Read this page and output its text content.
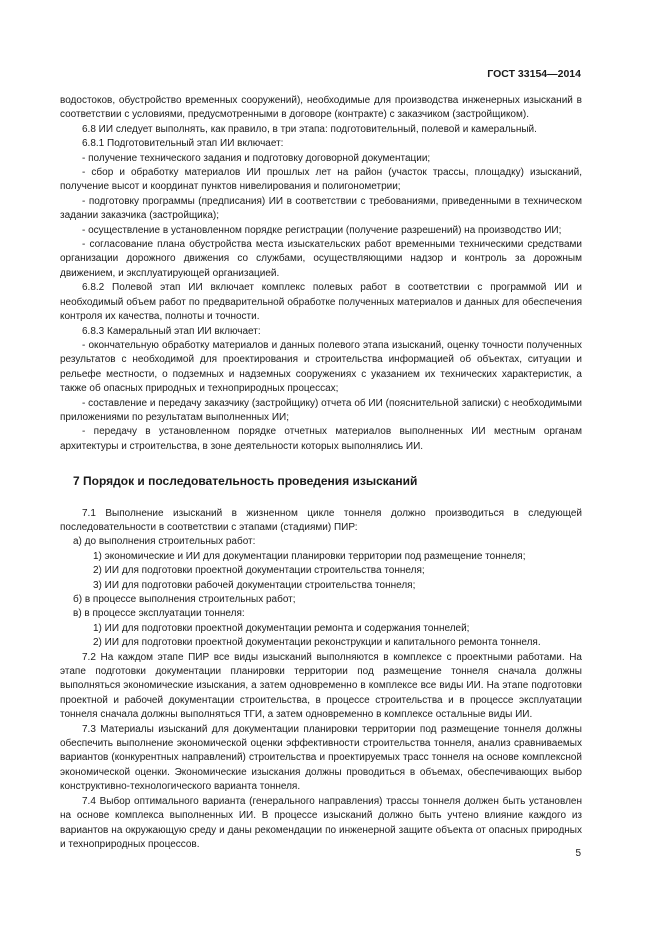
ГОСТ 33154—2014

водостоков, обустройство временных сооружений), необходимые для производства инженерных изысканий в соответствии с условиями, предусмотренными в договоре (контракте) с заказчиком (застройщиком).

6.8 ИИ следует выполнять, как правило, в три этапа: подготовительный, полевой и камеральный.

6.8.1 Подготовительный этап ИИ включает:

- получение технического задания и подготовку договорной документации;

- сбор и обработку материалов ИИ прошлых лет на район (участок трассы, площадку) изысканий, получение высот и координат пунктов нивелирования и полигонометрии;

- подготовку программы (предписания) ИИ в соответствии с требованиями, приведенными в техническом задании заказчика (застройщика);

- осуществление в установленном порядке регистрации (получение разрешений) на производство ИИ;

- согласование плана обустройства места изыскательских работ временными техническими средствами организации дорожного движения со службами, осуществляющими надзор и контроль за дорожным движением, и эксплуатирующей организацией.

6.8.2 Полевой этап ИИ включает комплекс полевых работ в соответствии с программой ИИ и необходимый объем работ по предварительной обработке полученных материалов и данных для обеспечения контроля их качества, полноты и точности.

6.8.3 Камеральный этап ИИ включает:

- окончательную обработку материалов и данных полевого этапа изысканий, оценку точности полученных результатов с необходимой для проектирования и строительства информацией об объектах, ситуации и рельефе местности, о подземных и надземных сооружениях с указанием их технических характеристик, а также об опасных природных и техноприродных процессах;

- составление и передачу заказчику (застройщику) отчета об ИИ (пояснительной записки) с необходимыми приложениями по результатам выполненных ИИ;

- передачу в установленном порядке отчетных материалов выполненных ИИ местным органам архитектуры и строительства, в зоне деятельности которых выполнялись ИИ.

7 Порядок и последовательность проведения изысканий

7.1 Выполнение изысканий в жизненном цикле тоннеля должно производиться в следующей последовательности в соответствии с этапами (стадиями) ПИР:

а) до выполнения строительных работ:

1) экономические и ИИ для документации планировки территории под размещение тоннеля;

2) ИИ для подготовки проектной документации строительства тоннеля;

3) ИИ для подготовки рабочей документации строительства тоннеля;

б) в процессе выполнения строительных работ;

в) в процессе эксплуатации тоннеля:

1) ИИ для подготовки проектной документации ремонта и содержания тоннелей;

2) ИИ для подготовки проектной документации реконструкции и капитального ремонта тоннеля.

7.2 На каждом этапе ПИР все виды изысканий выполняются в комплексе с проектными работами. На этапе подготовки документации планировки территории под размещение тоннеля сначала должны выполняться экономические изыскания, а затем одновременно в комплексе все виды ИИ. На этапе подготовки проектной и рабочей документации строительства, в процессе строительства и в процессе эксплуатации тоннеля сначала должны выполняться ТГИ, а затем одновременно в комплексе остальные виды ИИ.

7.3 Материалы изысканий для документации планировки территории под размещение тоннеля должны обеспечить выполнение экономической оценки эффективности строительства тоннеля, анализ сравниваемых вариантов (конкурентных направлений) строительства и проектируемых трасс тоннеля на основе комплексной экономической оценки. Экономические изыскания должны проводиться в объемах, обеспечивающих выбор конструктивно-технологического варианта тоннеля.

7.4 Выбор оптимального варианта (генерального направления) трассы тоннеля должен быть установлен на основе комплекса выполненных ИИ. В процессе изысканий должно быть учтено влияние каждого из вариантов на окружающую среду и даны рекомендации по инженерной защите объекта от опасных природных и техноприродных процессов.

5
